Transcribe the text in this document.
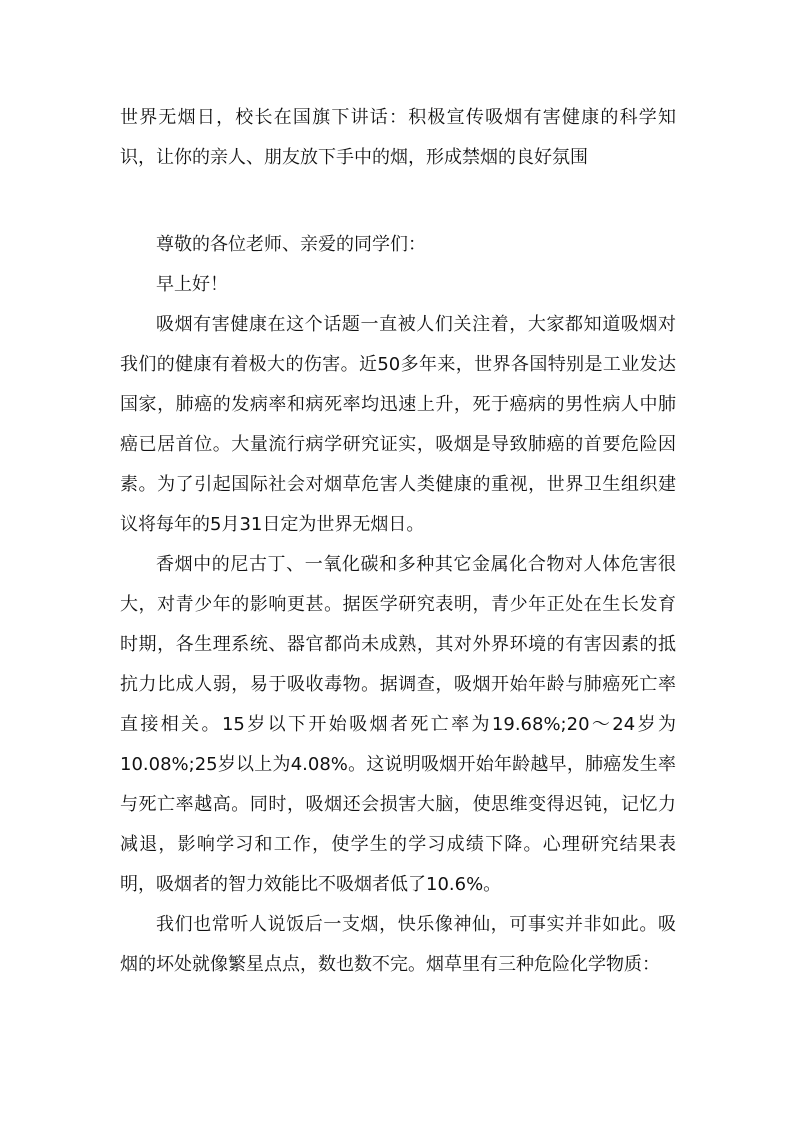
世界无烟日，校长在国旗下讲话：积极宣传吸烟有害健康的科学知识，让你的亲人、朋友放下手中的烟，形成禁烟的良好氛围

尊敬的各位老师、亲爱的同学们：

早上好！

吸烟有害健康在这个话题一直被人们关注着，大家都知道吸烟对我们的健康有着极大的伤害。近50多年来，世界各国特别是工业发达国家，肺癌的发病率和病死率均迅速上升，死于癌病的男性病人中肺癌已居首位。大量流行病学研究证实，吸烟是导致肺癌的首要危险因素。为了引起国际社会对烟草危害人类健康的重视，世界卫生组织建议将每年的5月31日定为世界无烟日。

香烟中的尼古丁、一氧化碳和多种其它金属化合物对人体危害很大，对青少年的影响更甚。据医学研究表明，青少年正处在生长发育时期，各生理系统、器官都尚未成熟，其对外界环境的有害因素的抵抗力比成人弱，易于吸收毒物。据调查，吸烟开始年龄与肺癌死亡率直接相关。15岁以下开始吸烟者死亡率为19.68%;20～24岁为10.08%;25岁以上为4.08%。这说明吸烟开始年龄越早，肺癌发生率与死亡率越高。同时，吸烟还会损害大脑，使思维变得迟钝，记忆力减退，影响学习和工作，使学生的学习成绩下降。心理研究结果表明，吸烟者的智力效能比不吸烟者低了10.6%。

我们也常听人说饭后一支烟，快乐像神仙，可事实并非如此。吸烟的坏处就像繁星点点，数也数不完。烟草里有三种危险化学物质：
